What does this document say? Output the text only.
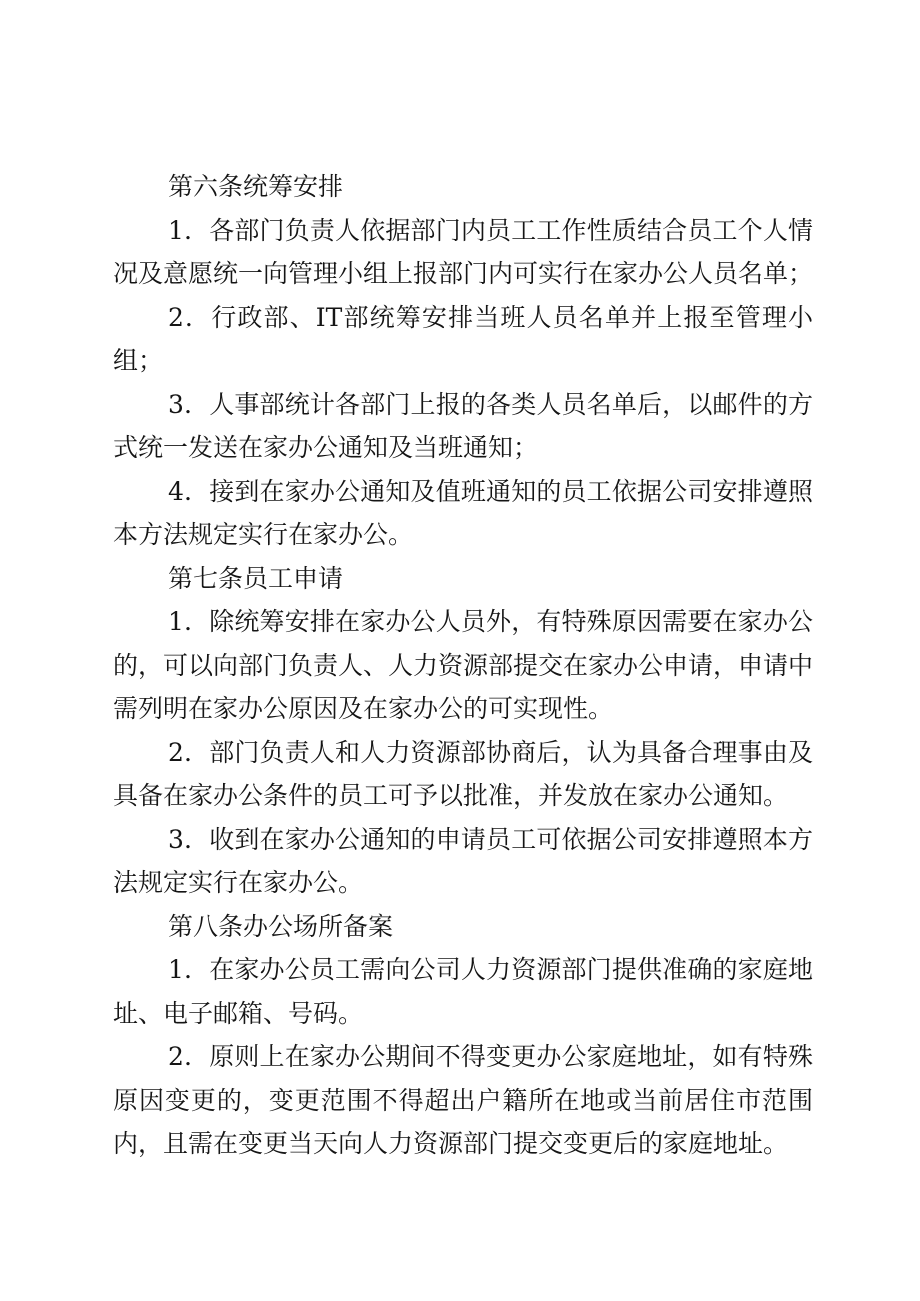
第六条统筹安排

1．各部门负责人依据部门内员工工作性质结合员工个人情况及意愿统一向管理小组上报部门内可实行在家办公人员名单；

2．行政部、IT部统筹安排当班人员名单并上报至管理小组；

3．人事部统计各部门上报的各类人员名单后，以邮件的方式统一发送在家办公通知及当班通知；

4．接到在家办公通知及值班通知的员工依据公司安排遵照本方法规定实行在家办公。

第七条员工申请

1．除统筹安排在家办公人员外，有特殊原因需要在家办公的，可以向部门负责人、人力资源部提交在家办公申请，申请中需列明在家办公原因及在家办公的可实现性。

2．部门负责人和人力资源部协商后，认为具备合理事由及具备在家办公条件的员工可予以批准，并发放在家办公通知。

3．收到在家办公通知的申请员工可依据公司安排遵照本方法规定实行在家办公。

第八条办公场所备案

1．在家办公员工需向公司人力资源部门提供准确的家庭地址、电子邮箱、号码。

2．原则上在家办公期间不得变更办公家庭地址，如有特殊原因变更的，变更范围不得超出户籍所在地或当前居住市范围内，且需在变更当天向人力资源部门提交变更后的家庭地址。
